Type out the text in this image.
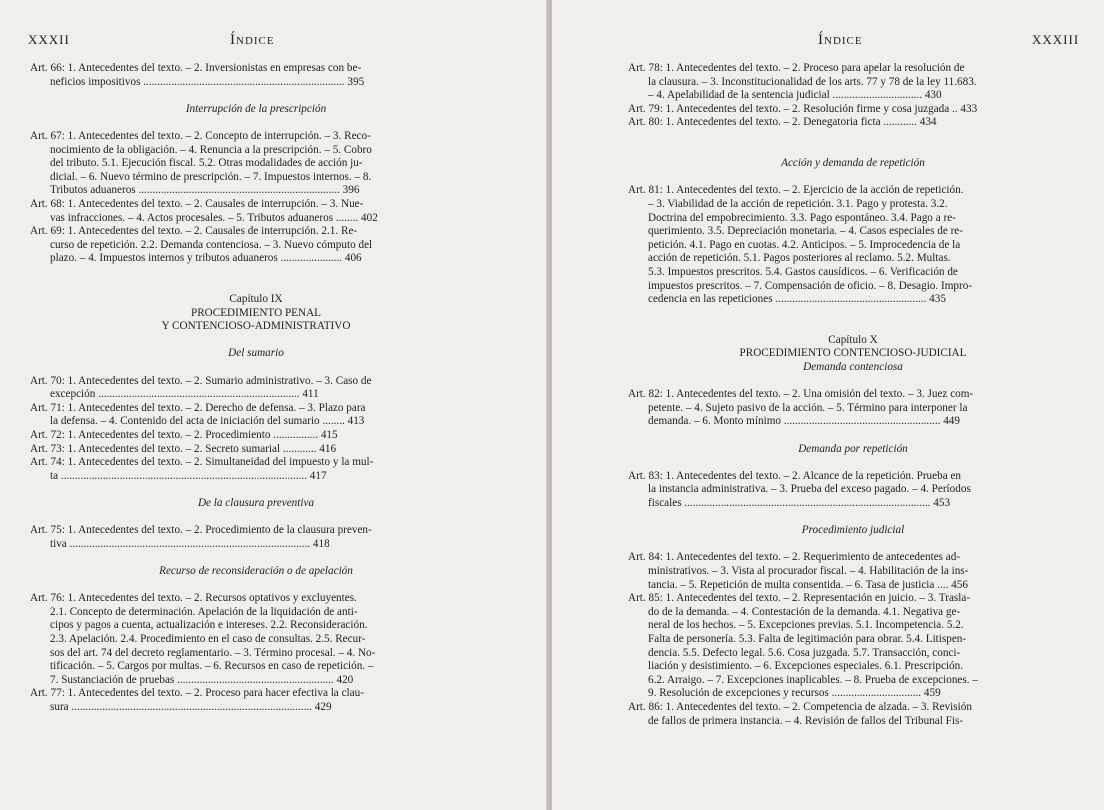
XXXII	Índice
Art. 66: 1. Antecedentes del texto. – 2. Inversionistas en empresas con be-
neficios impositivos ........................................................................ 395
Interrupción de la prescripción
Art. 67: 1. Antecedentes del texto. – 2. Concepto de interrupción. – 3. Reco-
nocimiento de la obligación. – 4. Renuncia a la prescripción. – 5. Cobro
del tributo. 5.1. Ejecución fiscal. 5.2. Otras modalidades de acción ju-
dicial. – 6. Nuevo término de prescripción. – 7. Impuestos internos. – 8.
Tributos aduaneros ........................................................................ 396
Art. 68: 1. Antecedentes del texto. – 2. Causales de interrupción. – 3. Nue-
vas infracciones. – 4. Actos procesales. – 5. Tributos aduaneros ........ 402
Art. 69: 1. Antecedentes del texto. – 2. Causales de interrupción. 2.1. Re-
curso de repetición. 2.2. Demanda contenciosa. – 3. Nuevo cómputo del
plazo. – 4. Impuestos internos y tributos aduaneros ...................... 406
Capítulo IX
PROCEDIMIENTO PENAL
Y CONTENCIOSO-ADMINISTRATIVO
Del sumario
Art. 70: 1. Antecedentes del texto. – 2. Sumario administrativo. – 3. Caso de
excepción ........................................................................ 411
Art. 71: 1. Antecedentes del texto. – 2. Derecho de defensa. – 3. Plazo para
la defensa. – 4. Contenido del acta de iniciación del sumario ........ 413
Art. 72: 1. Antecedentes del texto. – 2. Procedimiento ................ 415
Art. 73: 1. Antecedentes del texto. – 2. Secreto sumarial ............ 416
Art. 74: 1. Antecedentes del texto. – 2. Simultaneidad del impuesto y la mul-
ta ........................................................................................ 417
De la clausura preventiva
Art. 75: 1. Antecedentes del texto. – 2. Procedimiento de la clausura preven-
tiva ...................................................................................... 418
Recurso de reconsideración o de apelación
Art. 76: 1. Antecedentes del texto. – 2. Recursos optativos y excluyentes.
2.1. Concepto de determinación. Apelación de la liquidación de anti-
cipos y pagos a cuenta, actualización e intereses. 2.2. Reconsideración.
2.3. Apelación. 2.4. Procedimiento en el caso de consultas. 2.5. Recur-
sos del art. 74 del decreto reglamentario. – 3. Término procesal. – 4. No-
tificación. – 5. Cargos por multas. – 6. Recursos en caso de repetición. –
7. Sustanciación de pruebas ........................................................ 420
Art. 77: 1. Antecedentes del texto. – 2. Proceso para hacer efectiva la clau-
sura ...................................................................................... 429
Índice	XXXIII
Art. 78: 1. Antecedentes del texto. – 2. Proceso para apelar la resolución de
la clausura. – 3. Inconstitucionalidad de los arts. 77 y 78 de la ley 11.683.
– 4. Apelabilidad de la sentencia judicial ................................ 430
Art. 79: 1. Antecedentes del texto. – 2. Resolución firme y cosa juzgada .. 433
Art. 80: 1. Antecedentes del texto. – 2. Denegatoria ficta ............ 434
Acción y demanda de repetición
Art. 81: 1. Antecedentes del texto. – 2. Ejercicio de la acción de repetición.
– 3. Viabilidad de la acción de repetición. 3.1. Pago y protesta. 3.2.
Doctrina del empobrecimiento. 3.3. Pago espontáneo. 3.4. Pago a re-
querimiento. 3.5. Depreciación monetaria. – 4. Casos especiales de re-
petición. 4.1. Pago en cuotas. 4.2. Anticipos. – 5. Improcedencia de la
acción de repetición. 5.1. Pagos posteriores al reclamo. 5.2. Multas.
5.3. Impuestos prescritos. 5.4. Gastos causídicos. – 6. Verificación de
impuestos prescritos. – 7. Compensación de oficio. – 8. Desagio. Impro-
cedencia en las repeticiones ...................................................... 435
Capítulo X
PROCEDIMIENTO CONTENCIOSO-JUDICIAL
Demanda contenciosa
Art. 82: 1. Antecedentes del texto. – 2. Una omisión del texto. – 3. Juez com-
petente. – 4. Sujeto pasivo de la acción. – 5. Término para interponer la
demanda. – 6. Monto mínimo ........................................................ 449
Demanda por repetición
Art. 83: 1. Antecedentes del texto. – 2. Alcance de la repetición. Prueba en
la instancia administrativa. – 3. Prueba del exceso pagado. – 4. Períodos
fiscales ........................................................................................ 453
Procedimiento judicial
Art. 84: 1. Antecedentes del texto. – 2. Requerimiento de antecedentes ad-
ministrativos. – 3. Vista al procurador fiscal. – 4. Habilitación de la ins-
tancia. – 5. Repetición de multa consentida. – 6. Tasa de justicia .... 456
Art. 85: 1. Antecedentes del texto. – 2. Representación en juicio. – 3. Trasla-
do de la demanda. – 4. Contestación de la demanda. 4.1. Negativa ge-
neral de los hechos. – 5. Excepciones previas. 5.1. Incompetencia. 5.2.
Falta de personería. 5.3. Falta de legitimación para obrar. 5.4. Litispen-
dencia. 5.5. Defecto legal. 5.6. Cosa juzgada. 5.7. Transacción, conci-
liación y desistimiento. – 6. Excepciones especiales. 6.1. Prescripción.
6.2. Arraigo. – 7. Excepciones inaplicables. – 8. Prueba de excepciones. –
9. Resolución de excepciones y recursos ................................ 459
Art. 86: 1. Antecedentes del texto. – 2. Competencia de alzada. – 3. Revisión
de fallos de primera instancia. – 4. Revisión de fallos del Tribunal Fis-
